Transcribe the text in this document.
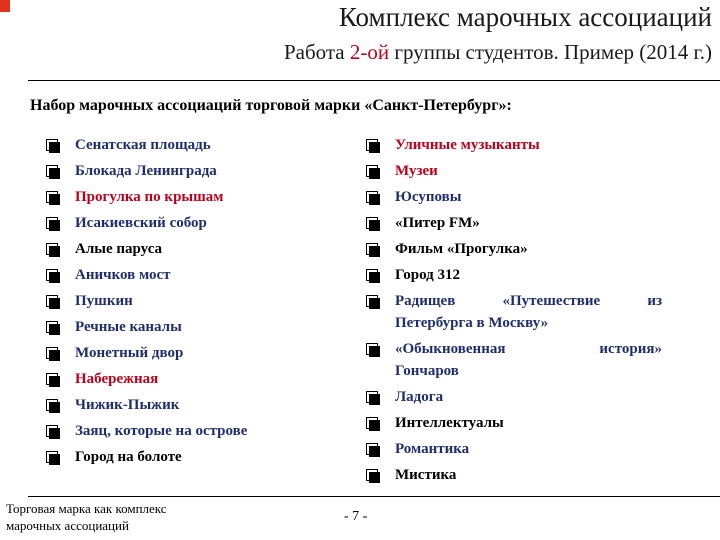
Комплекс марочных ассоциаций
Работа 2-ой группы студентов. Пример (2014 г.)
Набор марочных ассоциаций торговой марки «Санкт-Петербург»:
Сенатская площадь
Блокада Ленинграда
Прогулка по крышам
Исакиевский собор
Алые паруса
Аничков мост
Пушкин
Речные каналы
Монетный двор
Набережная
Чижик-Пыжик
Заяц, которые на острове
Город на болоте
Уличные музыканты
Музеи
Юсуповы
«Питер FM»
Фильм «Прогулка»
Город 312
Радищев «Путешествие из
Петербурга в Москву»
«Обыкновенная история»
Гончаров
Ладога
Интеллектуалы
Романтика
Мистика
Торговая марка как комплекс
марочных ассоциаций
- 7 -
